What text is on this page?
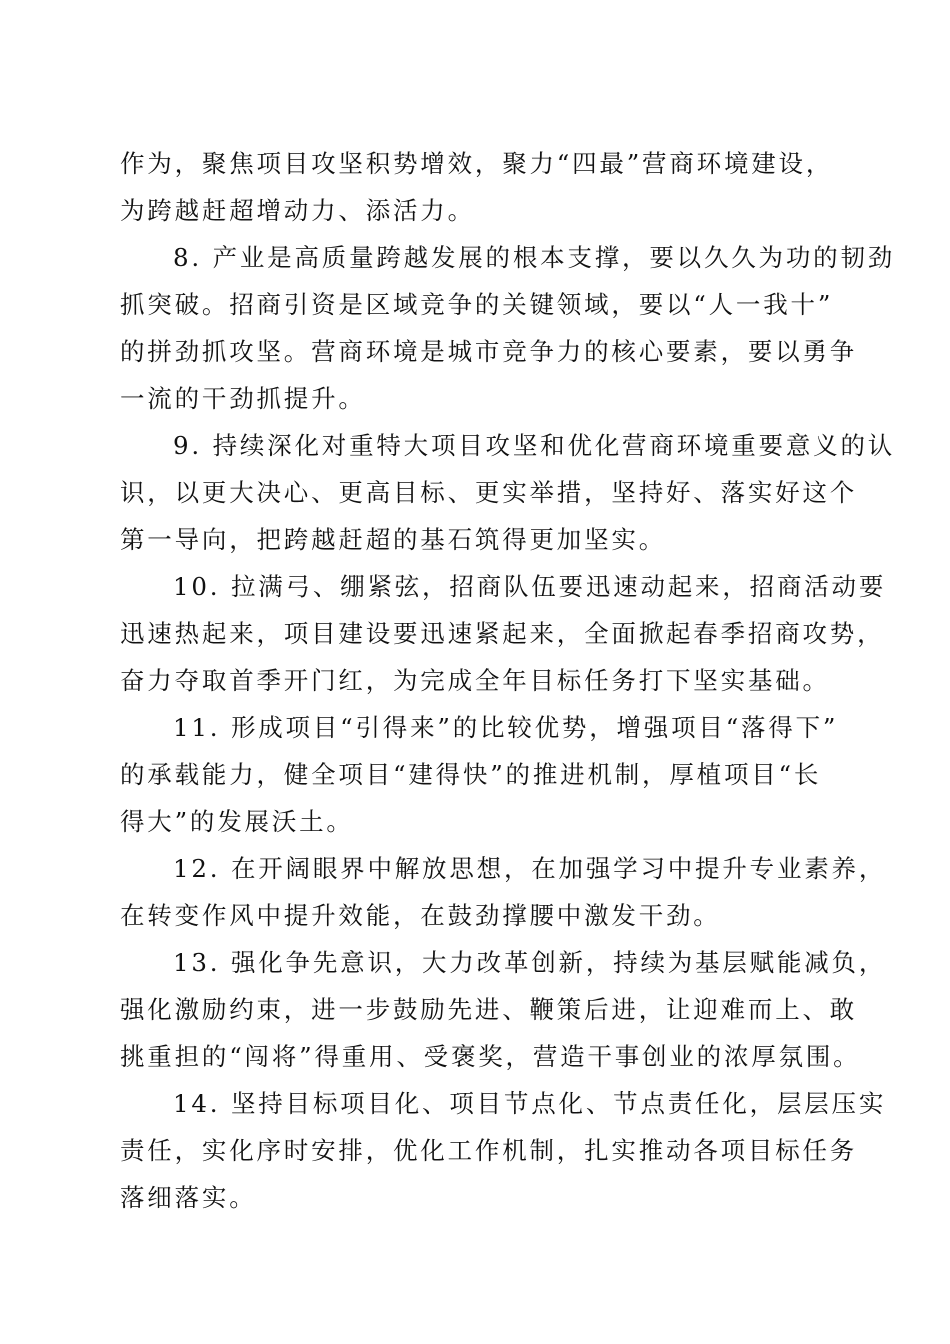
作为，聚焦项目攻坚积势增效，聚力“四最”营商环境建设，
为跨越赶超增动力、添活力。
8. 产业是高质量跨越发展的根本支撑，要以久久为功的韧劲
抓突破。招商引资是区域竞争的关键领域，要以“人一我十”
的拼劲抓攻坚。营商环境是城市竞争力的核心要素，要以勇争
一流的干劲抓提升。
9. 持续深化对重特大项目攻坚和优化营商环境重要意义的认
识，以更大决心、更高目标、更实举措，坚持好、落实好这个
第一导向，把跨越赶超的基石筑得更加坚实。
10. 拉满弓、绷紧弦，招商队伍要迅速动起来，招商活动要
迅速热起来，项目建设要迅速紧起来，全面掀起春季招商攻势，
奋力夺取首季开门红，为完成全年目标任务打下坚实基础。
11. 形成项目“引得来”的比较优势，增强项目“落得下”
的承载能力，健全项目“建得快”的推进机制，厚植项目“长
得大”的发展沃土。
12. 在开阔眼界中解放思想，在加强学习中提升专业素养，
在转变作风中提升效能，在鼓劲撑腰中激发干劲。
13. 强化争先意识，大力改革创新，持续为基层赋能减负，
强化激励约束，进一步鼓励先进、鞭策后进，让迎难而上、敢
挑重担的“闯将”得重用、受褒奖，营造干事创业的浓厚氛围。
14. 坚持目标项目化、项目节点化、节点责任化，层层压实
责任，实化序时安排，优化工作机制，扎实推动各项目标任务
落细落实。
